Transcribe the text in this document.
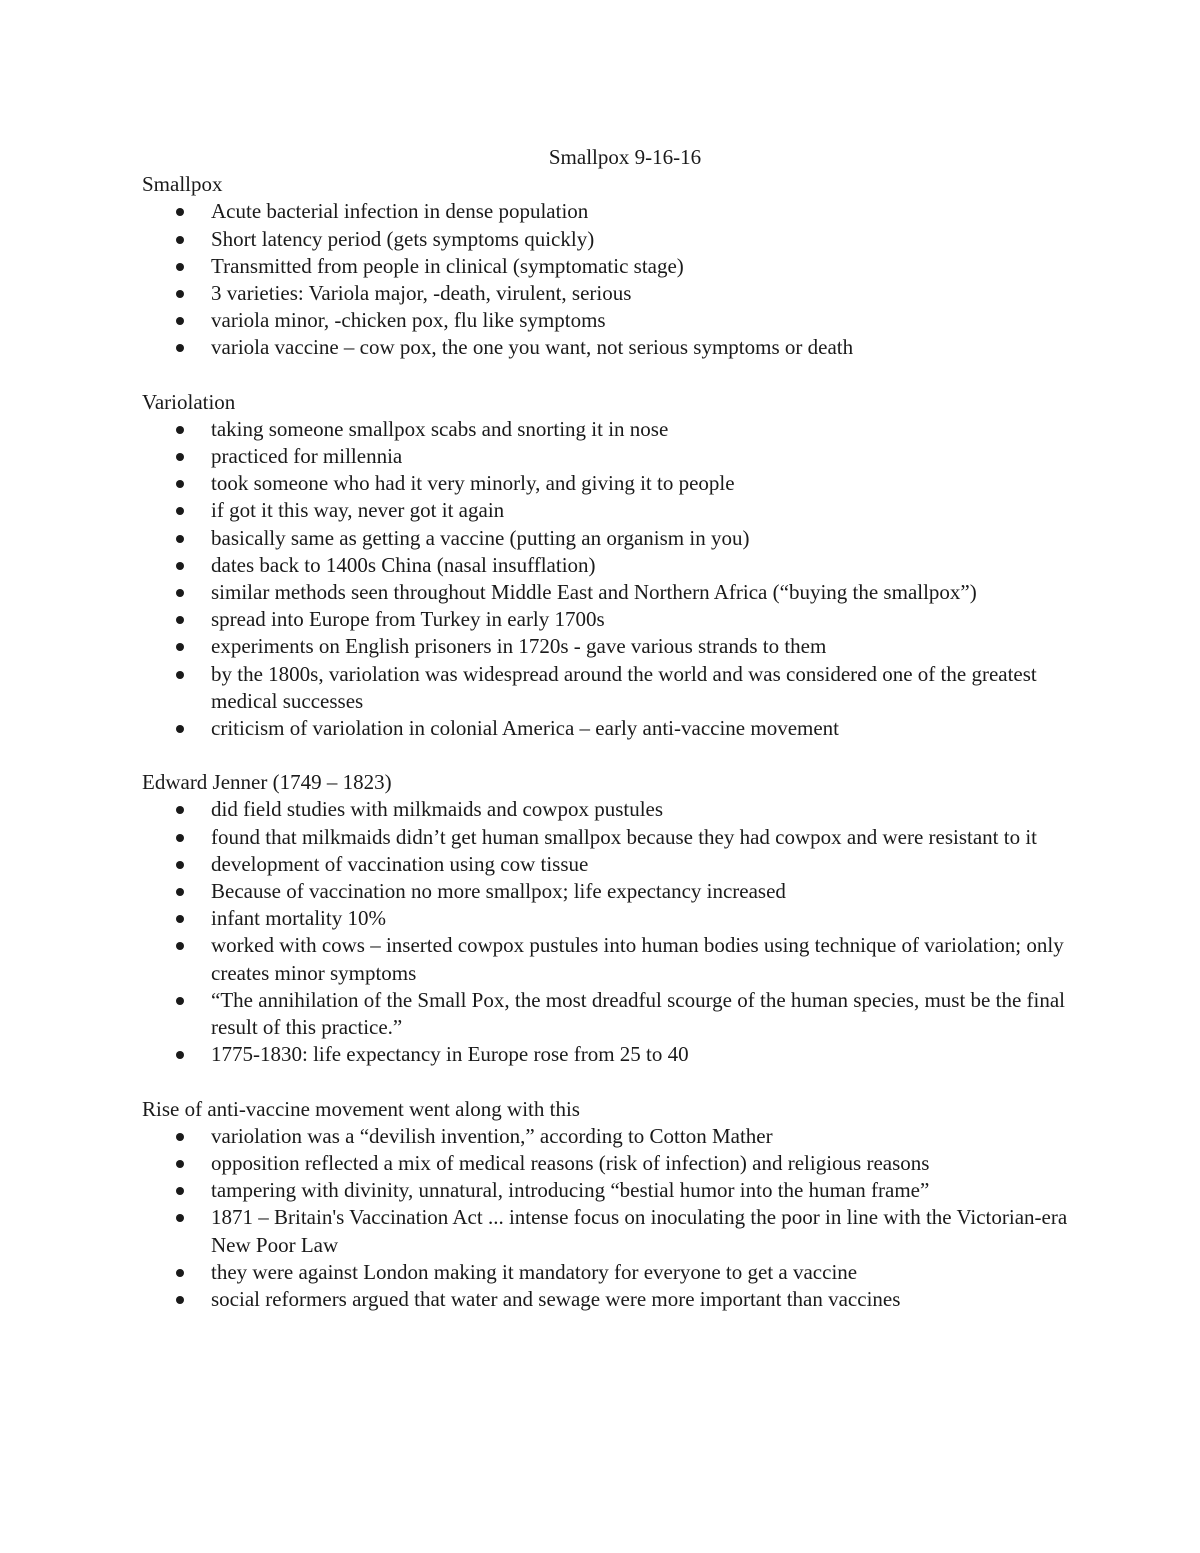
Smallpox 9-16-16
Smallpox
Acute bacterial infection in dense population
Short latency period (gets symptoms quickly)
Transmitted from people in clinical (symptomatic stage)
3 varieties: Variola major, -death, virulent, serious
variola minor, -chicken pox, flu like symptoms
variola vaccine – cow pox, the one you want, not serious symptoms or death
Variolation
taking someone smallpox scabs and snorting it in nose
practiced for millennia
took someone who had it very minorly, and giving it to people
if got it this way, never got it again
basically same as getting a vaccine (putting an organism in you)
dates back to 1400s China (nasal insufflation)
similar methods seen throughout Middle East and Northern Africa (“buying the smallpox”)
spread into Europe from Turkey in early 1700s
experiments on English prisoners in 1720s - gave various strands to them
by the 1800s, variolation was widespread around the world and was considered one of the greatest medical successes
criticism of variolation in colonial America – early anti-vaccine movement
Edward Jenner (1749 – 1823)
did field studies with milkmaids and cowpox pustules
found that milkmaids didn’t get human smallpox because they had cowpox and were resistant to it
development of vaccination using cow tissue
Because of vaccination no more smallpox; life expectancy increased
infant mortality 10%
worked with cows – inserted cowpox pustules into human bodies using technique of variolation; only creates minor symptoms
“The annihilation of the Small Pox, the most dreadful scourge of the human species, must be the final result of this practice.”
1775-1830: life expectancy in Europe rose from 25 to 40
Rise of anti-vaccine movement went along with this
variolation was a “devilish invention,” according to Cotton Mather
opposition reflected a mix of medical reasons (risk of infection) and religious reasons
tampering with divinity, unnatural, introducing “bestial humor into the human frame”
1871 – Britain's Vaccination Act ... intense focus on inoculating the poor in line with the Victorian-era New Poor Law
they were against London making it mandatory for everyone to get a vaccine
social reformers argued that water and sewage were more important than vaccines
